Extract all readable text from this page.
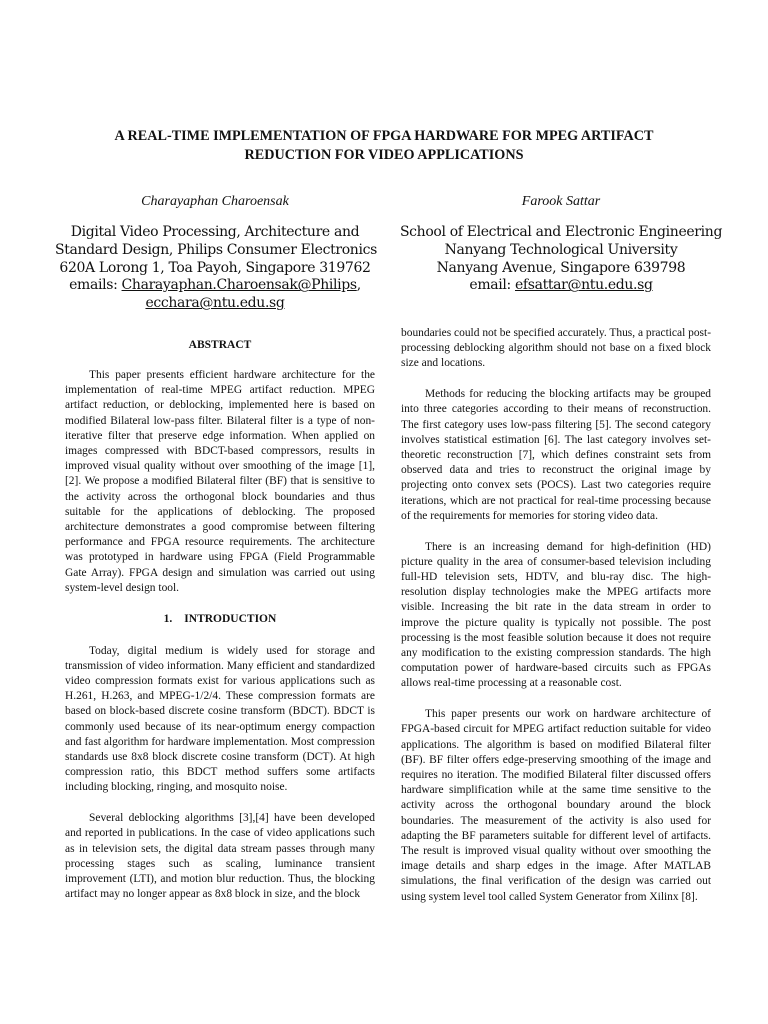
A REAL-TIME IMPLEMENTATION OF FPGA HARDWARE FOR MPEG ARTIFACT
REDUCTION FOR VIDEO APPLICATIONS
Charayaphan Charoensak
Digital Video Processing, Architecture and
Standard Design, Philips Consumer Electronics
620A Lorong 1, Toa Payoh, Singapore 319762
emails: Charayaphan.Charoensak@Philips,
ecchara@ntu.edu.sg
Farook Sattar
School of Electrical and Electronic Engineering
Nanyang Technological University
Nanyang Avenue, Singapore 639798
email: efsattar@ntu.edu.sg
ABSTRACT

This paper presents efficient hardware architecture for the implementation of real-time MPEG artifact reduction. MPEG artifact reduction, or deblocking, implemented here is based on modified Bilateral low-pass filter. Bilateral filter is a type of non-iterative filter that preserve edge information. When applied on images compressed with BDCT-based compressors, results in improved visual quality without over smoothing of the image [1],[2]. We propose a modified Bilateral filter (BF) that is sensitive to the activity across the orthogonal block boundaries and thus suitable for the applications of deblocking. The proposed architecture demonstrates a good compromise between filtering performance and FPGA resource requirements. The architecture was prototyped in hardware using FPGA (Field Programmable Gate Array). FPGA design and simulation was carried out using system-level design tool.

1. INTRODUCTION

Today, digital medium is widely used for storage and transmission of video information. Many efficient and standardized video compression formats exist for various applications such as H.261, H.263, and MPEG-1/2/4. These compression formats are based on block-based discrete cosine transform (BDCT). BDCT is commonly used because of its near-optimum energy compaction and fast algorithm for hardware implementation. Most compression standards use 8x8 block discrete cosine transform (DCT). At high compression ratio, this BDCT method suffers some artifacts including blocking, ringing, and mosquito noise.

Several deblocking algorithms [3],[4] have been developed and reported in publications. In the case of video applications such as in television sets, the digital data stream passes through many processing stages such as scaling, luminance transient improvement (LTI), and motion blur reduction. Thus, the blocking artifact may no longer appear as 8x8 block in size, and the block

boundaries could not be specified accurately. Thus, a practical post-processing deblocking algorithm should not base on a fixed block size and locations.

Methods for reducing the blocking artifacts may be grouped into three categories according to their means of reconstruction. The first category uses low-pass filtering [5]. The second category involves statistical estimation [6]. The last category involves set-theoretic reconstruction [7], which defines constraint sets from observed data and tries to reconstruct the original image by projecting onto convex sets (POCS). Last two categories require iterations, which are not practical for real-time processing because of the requirements for memories for storing video data.

There is an increasing demand for high-definition (HD) picture quality in the area of consumer-based television including full-HD television sets, HDTV, and blu-ray disc. The high-resolution display technologies make the MPEG artifacts more visible. Increasing the bit rate in the data stream in order to improve the picture quality is typically not possible. The post processing is the most feasible solution because it does not require any modification to the existing compression standards. The high computation power of hardware-based circuits such as FPGAs allows real-time processing at a reasonable cost.

This paper presents our work on hardware architecture of FPGA-based circuit for MPEG artifact reduction suitable for video applications. The algorithm is based on modified Bilateral filter (BF). BF filter offers edge-preserving smoothing of the image and requires no iteration. The modified Bilateral filter discussed offers hardware simplification while at the same time sensitive to the activity across the orthogonal boundary around the block boundaries. The measurement of the activity is also used for adapting the BF parameters suitable for different level of artifacts. The result is improved visual quality without over smoothing the image details and sharp edges in the image. After MATLAB simulations, the final verification of the design was carried out using system level tool called System Generator from Xilinx [8].
